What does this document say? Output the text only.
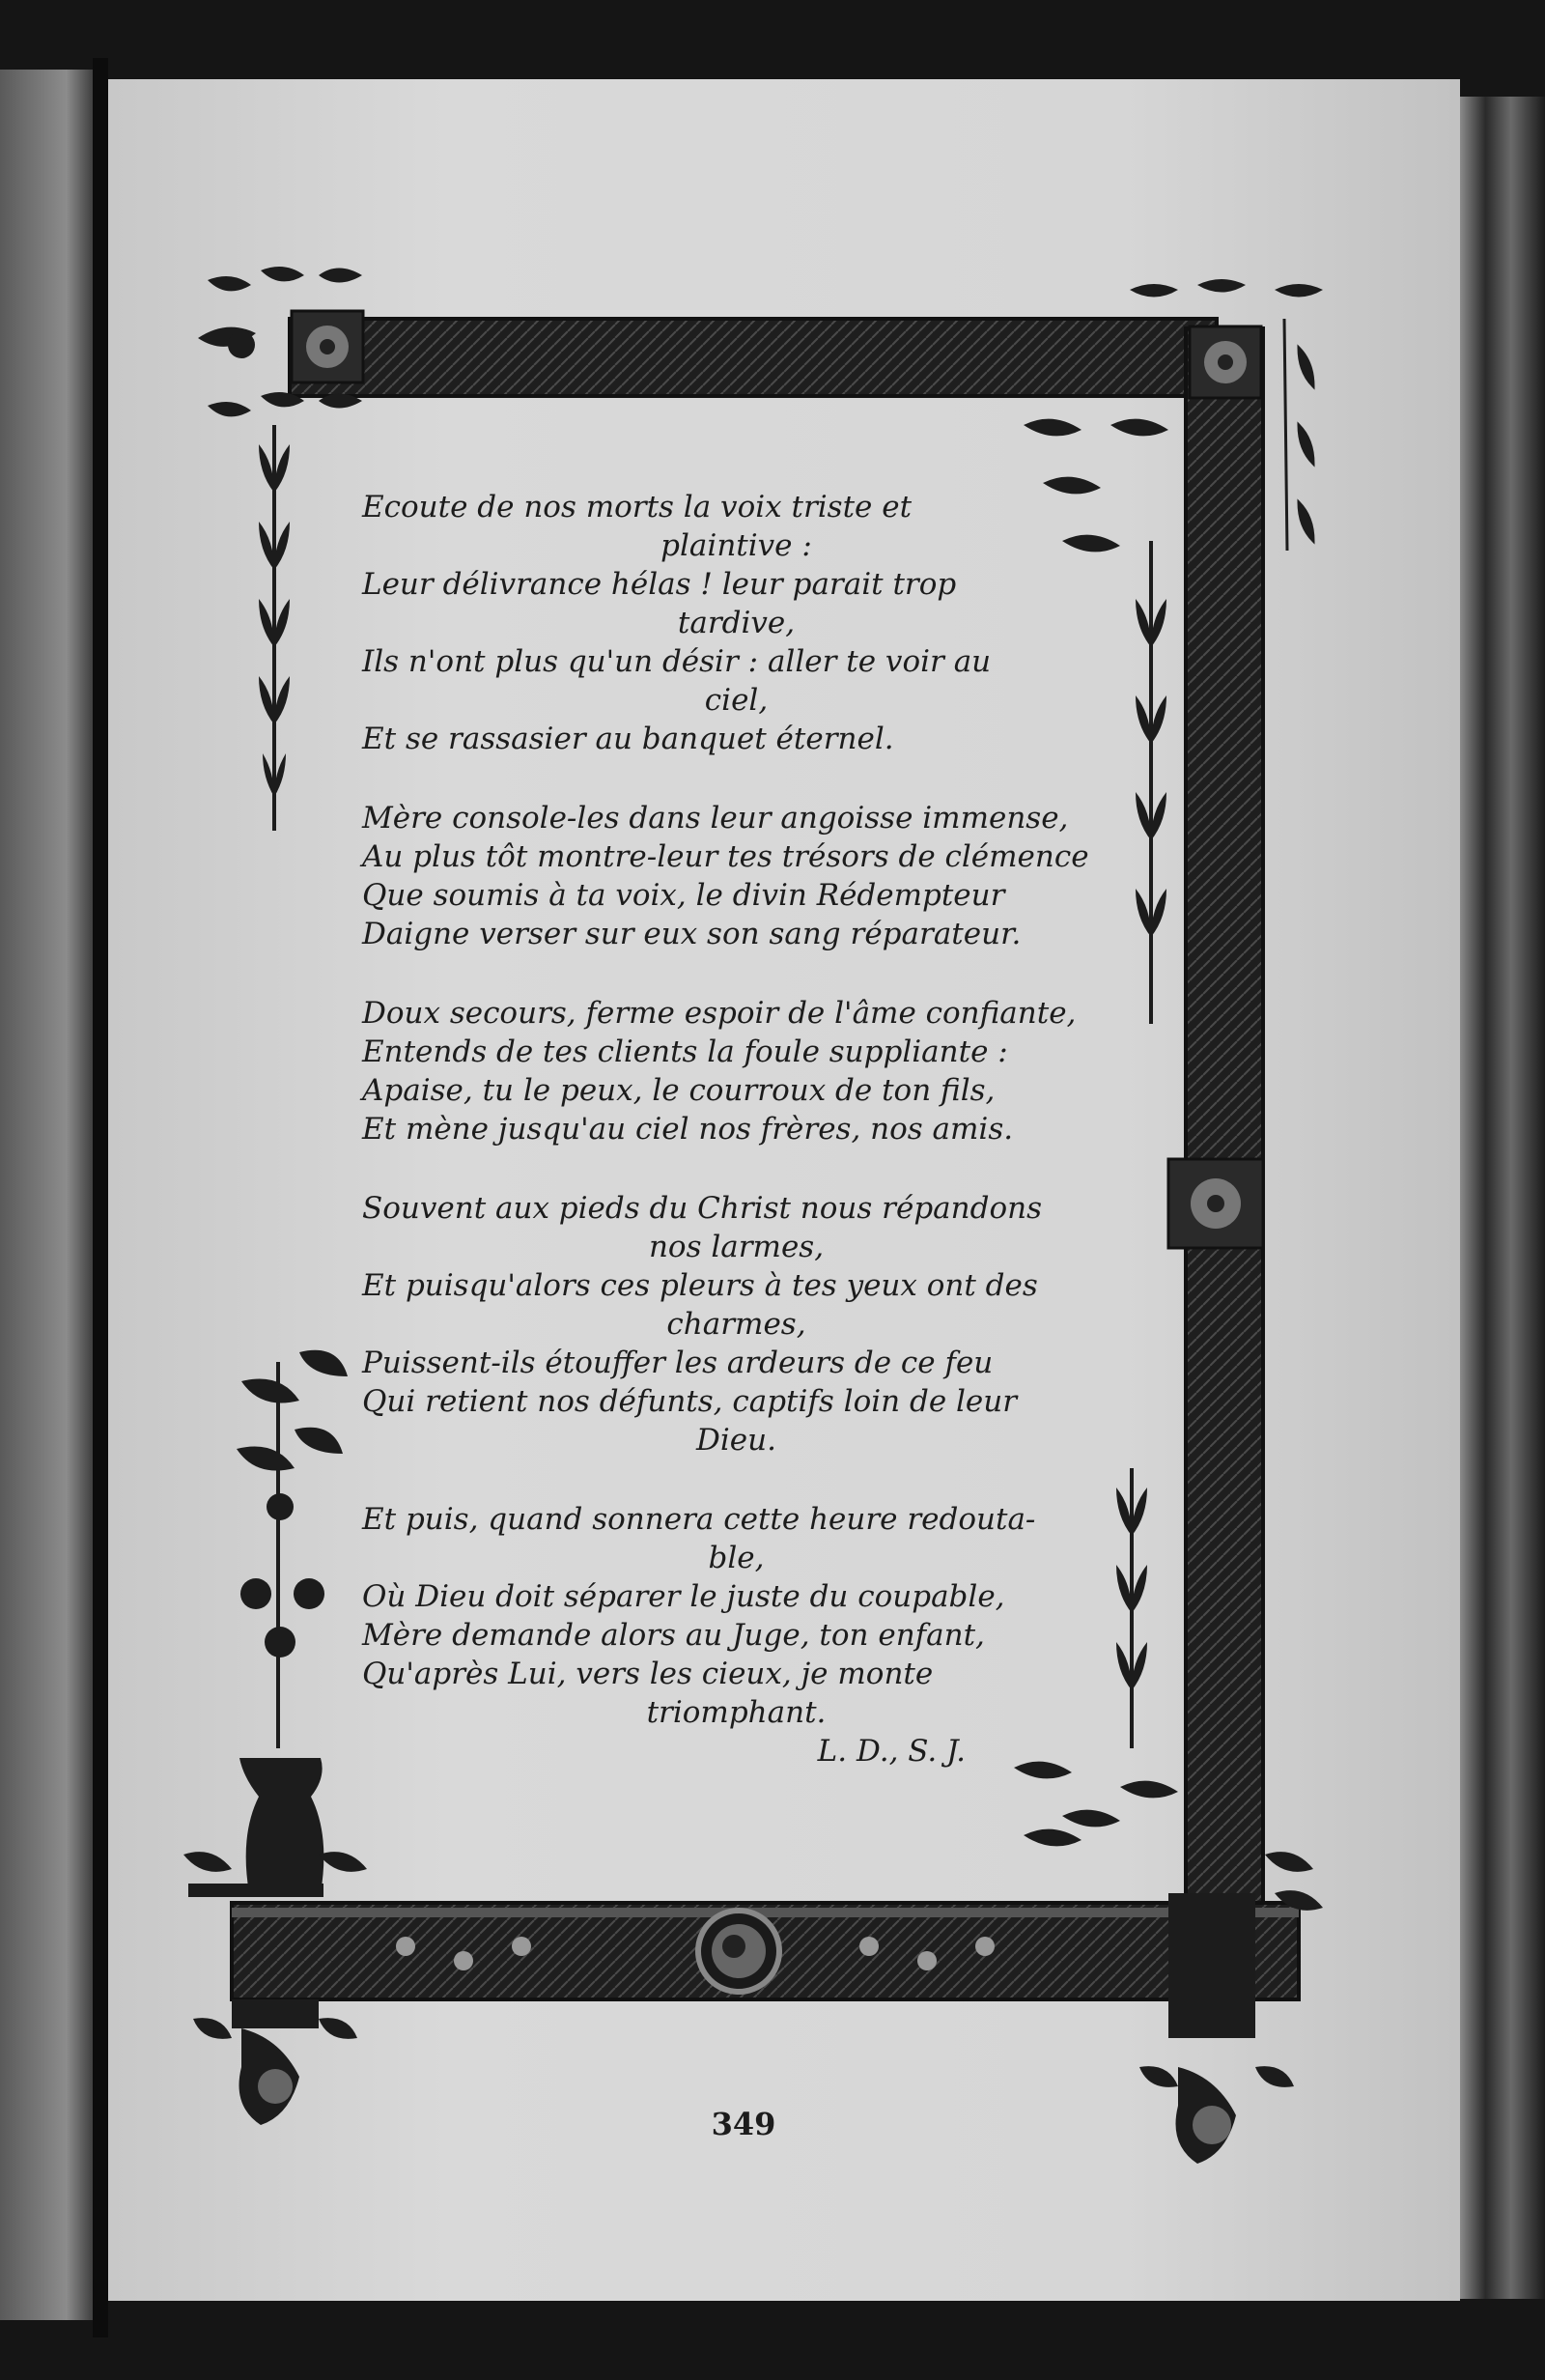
Ecoute de nos morts la voix triste et
plaintive :
Leur délivrance hélas ! leur parait trop
tardive,
Ils n'ont plus qu'un désir : aller te voir au
ciel,
Et se rassasier au banquet éternel.
Mère console-les dans leur angoisse immense,
Au plus tôt montre-leur tes trésors de clémence
Que soumis à ta voix, le divin Rédempteur
Daigne verser sur eux son sang réparateur.
Doux secours, ferme espoir de l'âme confiante,
Entends de tes clients la foule suppliante :
Apaise, tu le peux, le courroux de ton fils,
Et mène jusqu'au ciel nos frères, nos amis.
Souvent aux pieds du Christ nous répandons
nos larmes,
Et puisqu'alors ces pleurs à tes yeux ont des
charmes,
Puissent-ils étouffer les ardeurs de ce feu
Qui retient nos défunts, captifs loin de leur
Dieu.
Et puis, quand sonnera cette heure redouta-
ble,
Où Dieu doit séparer le juste du coupable,
Mère demande alors au Juge, ton enfant,
Qu'après Lui, vers les cieux, je monte
triomphant.
L. D., S. J.
349
